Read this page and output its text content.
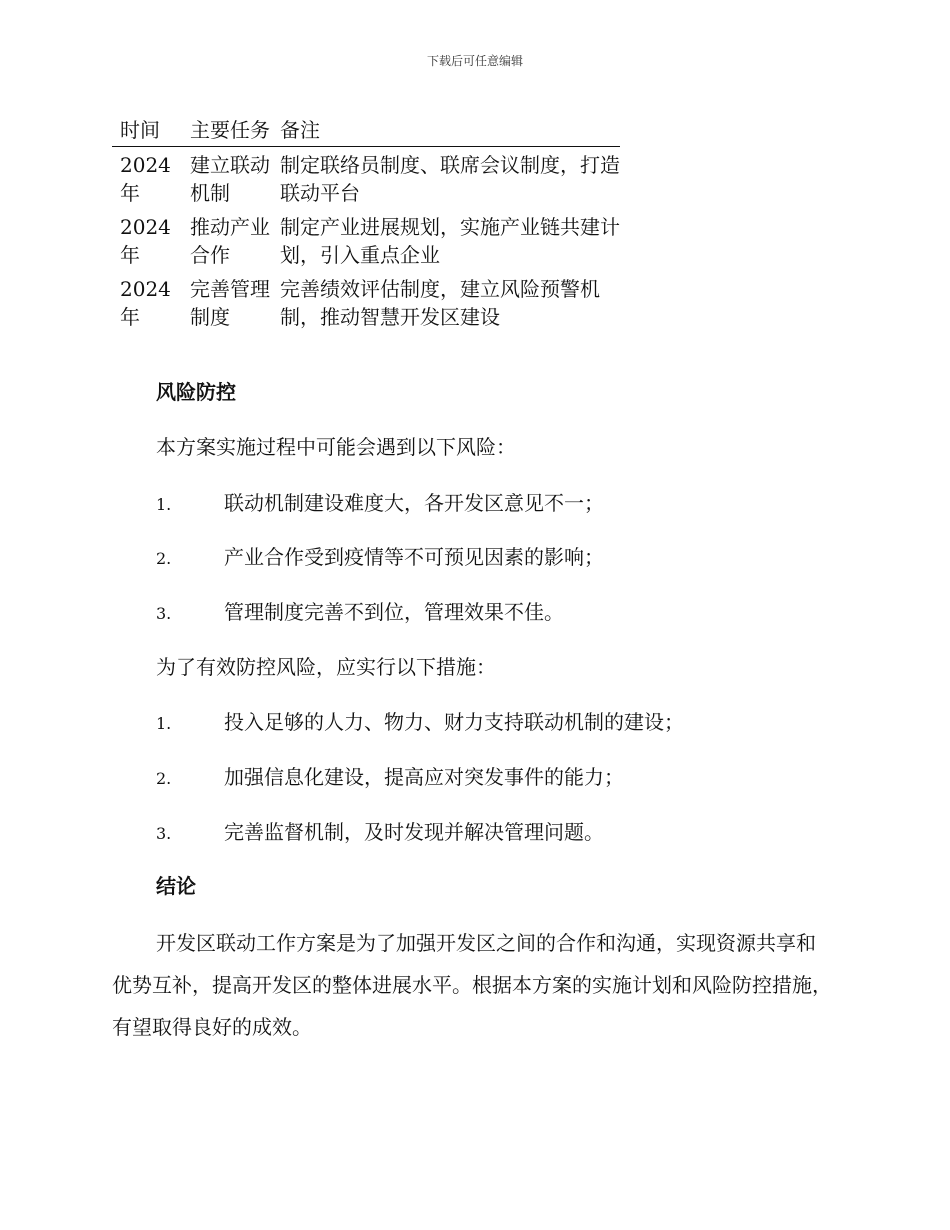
下载后可任意编辑
时间	主要任务	备注
2024年	建立联动机制	制定联络员制度、联席会议制度，打造联动平台
2024年	推动产业合作	制定产业进展规划，实施产业链共建计划，引入重点企业
2024年	完善管理制度	完善绩效评估制度，建立风险预警机制，推动智慧开发区建设
风险防控
本方案实施过程中可能会遇到以下风险：
1.	联动机制建设难度大，各开发区意见不一；
2.	产业合作受到疫情等不可预见因素的影响；
3.	管理制度完善不到位，管理效果不佳。
为了有效防控风险，应实行以下措施：
1.	投入足够的人力、物力、财力支持联动机制的建设；
2.	加强信息化建设，提高应对突发事件的能力；
3.	完善监督机制，及时发现并解决管理问题。
结论
开发区联动工作方案是为了加强开发区之间的合作和沟通，实现资源共享和优势互补，提高开发区的整体进展水平。根据本方案的实施计划和风险防控措施，有望取得良好的成效。
